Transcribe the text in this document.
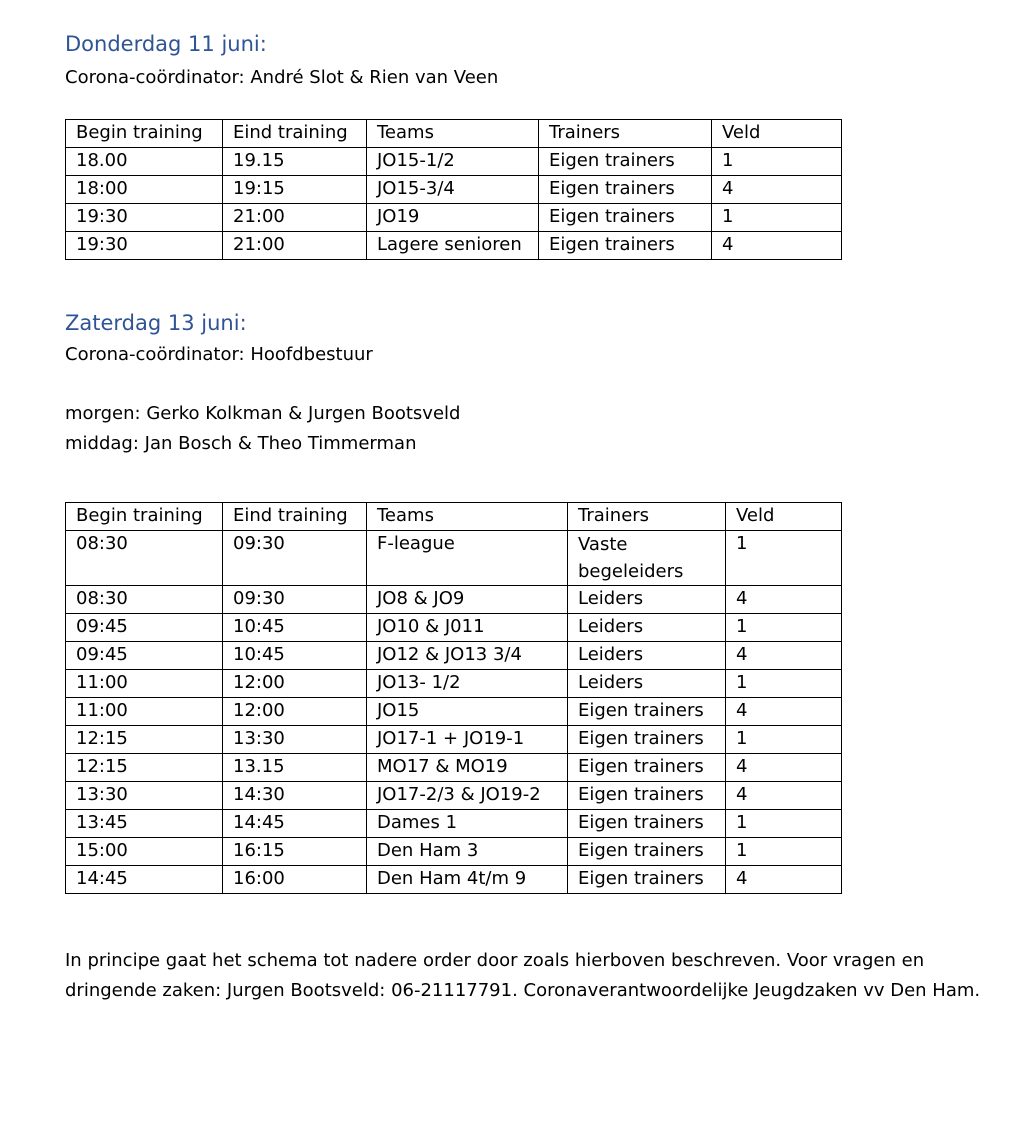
Donderdag 11 juni:

Corona-coördinator: André Slot & Rien van Veen

Begin training	Eind training	Teams	Trainers	Veld
18.00	19.15	JO15-1/2	Eigen trainers	1
18:00	19:15	JO15-3/4	Eigen trainers	4
19:30	21:00	JO19	Eigen trainers	1
19:30	21:00	Lagere senioren	Eigen trainers	4
Zaterdag 13 juni:

Corona-coördinator: Hoofdbestuur

morgen: Gerko Kolkman & Jurgen Bootsveld

middag: Jan Bosch & Theo Timmerman

Begin training	Eind training	Teams	Trainers	Veld
08:30	09:30	F-league	Vaste begeleiders	1
08:30	09:30	JO8 & JO9	Leiders	4
09:45	10:45	JO10 & J011	Leiders	1
09:45	10:45	JO12 & JO13 3/4	Leiders	4
11:00	12:00	JO13- 1/2	Leiders	1
11:00	12:00	JO15	Eigen trainers	4
12:15	13:30	JO17-1 + JO19-1	Eigen trainers	1
12:15	13.15	MO17 & MO19	Eigen trainers	4
13:30	14:30	JO17-2/3 & JO19-2	Eigen trainers	4
13:45	14:45	Dames 1	Eigen trainers	1
15:00	16:15	Den Ham 3	Eigen trainers	1
14:45	16:00	Den Ham 4t/m 9	Eigen trainers	4

In principe gaat het schema tot nadere order door zoals hierboven beschreven. Voor vragen en dringende zaken: Jurgen Bootsveld: 06-21117791. Coronaverantwoordelijke Jeugdzaken vv Den Ham.
